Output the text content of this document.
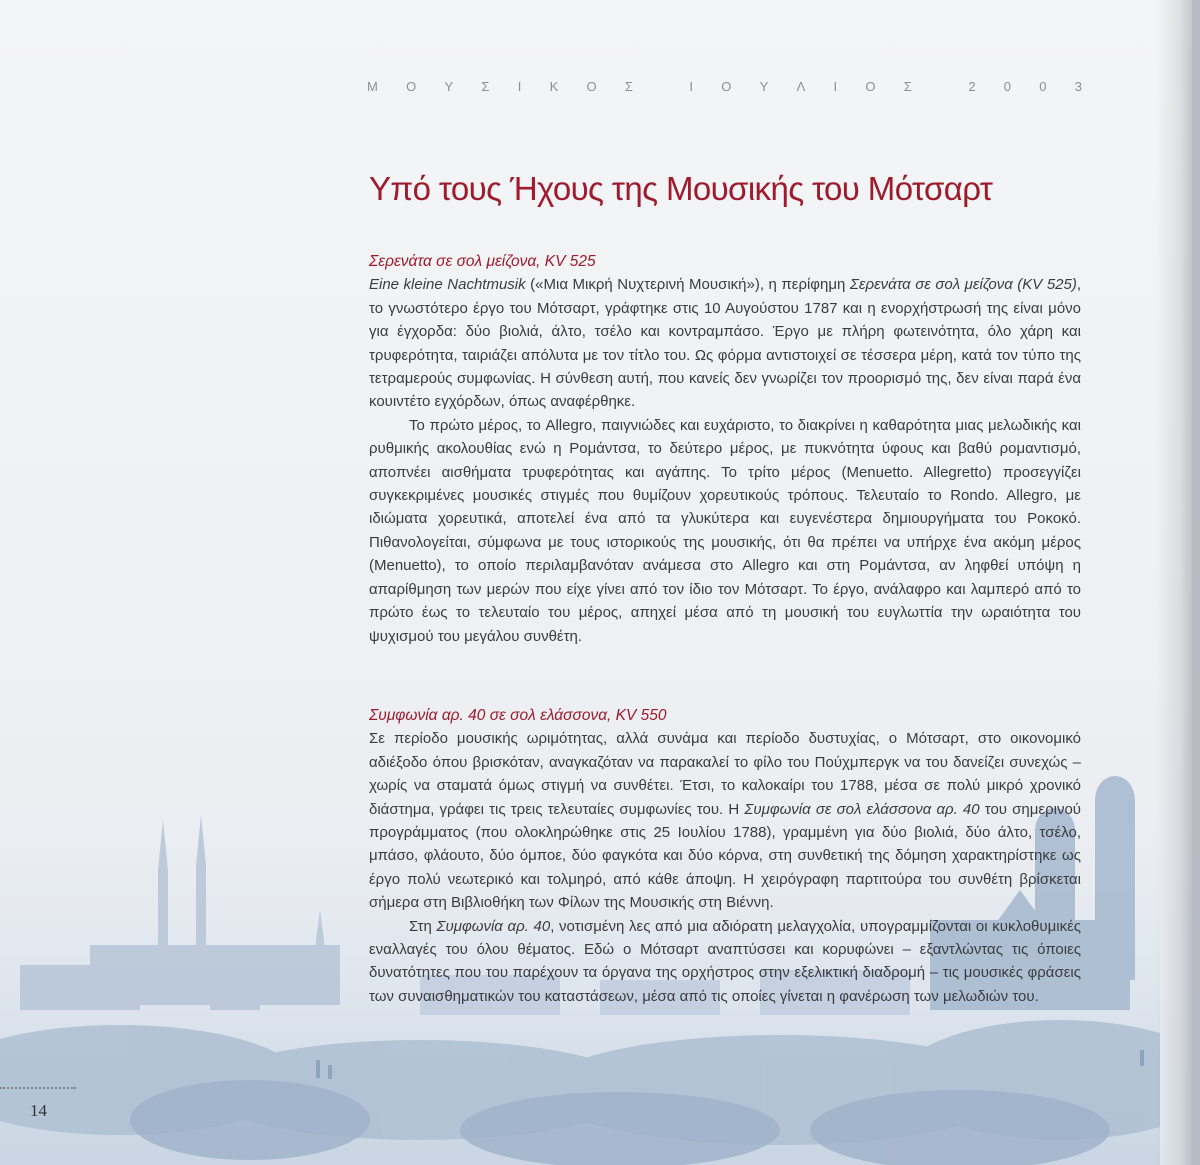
Μ Ο Υ Σ Ι Κ Ο Σ	Ι Ο Υ Λ Ι Ο Σ	2 0 0 3
Υπό τους Ήχους της Μουσικής του Μότσαρτ
Σερενάτα σε σολ μείζονα, KV 525

Eine kleine Nachtmusik («Μια Μικρή Νυχτερινή Μουσική»), η περίφημη Σερενάτα σε σολ μείζονα (KV 525), το γνωστότερο έργο του Μότσαρτ, γράφτηκε στις 10 Αυγούστου 1787 και η ενορχήστρωσή της είναι μόνο για έγχορδα: δύο βιολιά, άλτο, τσέλο και κοντραμπάσο. Έργο με πλήρη φωτεινότητα, όλο χάρη και τρυφερότητα, ταιριάζει απόλυτα με τον τίτλο του. Ως φόρμα αντιστοιχεί σε τέσσερα μέρη, κατά τον τύπο της τετραμερούς συμφωνίας. Η σύνθεση αυτή, που κανείς δεν γνωρίζει τον προορισμό της, δεν είναι παρά ένα κουιντέτο εγχόρδων, όπως αναφέρθηκε.

Το πρώτο μέρος, το Allegro, παιγνιώδες και ευχάριστο, το διακρίνει η καθαρότητα μιας μελωδικής και ρυθμικής ακολουθίας ενώ η Ρομάντσα, το δεύτερο μέρος, με πυκνότητα ύφους και βαθύ ρομαντισμό, αποπνέει αισθήματα τρυφερότητας και αγάπης. Το τρίτο μέρος (Menuetto. Allegretto) προσεγγίζει συγκεκριμένες μουσικές στιγμές που θυμίζουν χορευτικούς τρόπους. Τελευταίο το Rondo. Allegro, με ιδιώματα χορευτικά, αποτελεί ένα από τα γλυκύτερα και ευγενέστερα δημιουργήματα του Ροκοκό. Πιθανολογείται, σύμφωνα με τους ιστορικούς της μουσικής, ότι θα πρέπει να υπήρχε ένα ακόμη μέρος (Menuetto), το οποίο περιλαμβανόταν ανάμεσα στο Allegro και στη Ρομάντσα, αν ληφθεί υπόψη η απαρίθμηση των μερών που είχε γίνει από τον ίδιο τον Μότσαρτ. Το έργο, ανάλαφρο και λαμπερό από το πρώτο έως το τελευταίο του μέρος, απηχεί μέσα από τη μουσική του ευγλωττία την ωραιότητα του ψυχισμού του μεγάλου συνθέτη.

Συμφωνία αρ. 40 σε σολ ελάσσονα, KV 550

Σε περίοδο μουσικής ωριμότητας, αλλά συνάμα και περίοδο δυστυχίας, ο Μότσαρτ, στο οικονομικό αδιέξοδο όπου βρισκόταν, αναγκαζόταν να παρακαλεί το φίλο του Πούχμπεργκ να του δανείζει συνεχώς – χωρίς να σταματά όμως στιγμή να συνθέτει. Έτσι, το καλοκαίρι του 1788, μέσα σε πολύ μικρό χρονικό διάστημα, γράφει τις τρεις τελευταίες συμφωνίες του. Η Συμφωνία σε σολ ελάσσονα αρ. 40 του σημερινού προγράμματος (που ολοκληρώθηκε στις 25 Ιουλίου 1788), γραμμένη για δύο βιολιά, δύο άλτο, τσέλο, μπάσο, φλάουτο, δύο όμποε, δύο φαγκότα και δύο κόρνα, στη συνθετική της δόμηση χαρακτηρίστηκε ως έργο πολύ νεωτερικό και τολμηρό, από κάθε άποψη. Η χειρόγραφη παρτιτούρα του συνθέτη βρίσκεται σήμερα στη Βιβλιοθήκη των Φίλων της Μουσικής στη Βιέννη.

Στη Συμφωνία αρ. 40, νοτισμένη λες από μια αδιόρατη μελαγχολία, υπογραμμίζονται οι κυκλοθυμικές εναλλαγές του όλου θέματος. Εδώ ο Μότσαρτ αναπτύσσει και κορυφώνει – εξαντλώντας τις όποιες δυνατότητες που του παρέχουν τα όργανα της ορχήστρος στην εξελικτική διαδρομή – τις μουσικές φράσεις των συναισθηματικών του καταστάσεων, μέσα από τις οποίες γίνεται η φανέρωση των μελωδιών του.

14
